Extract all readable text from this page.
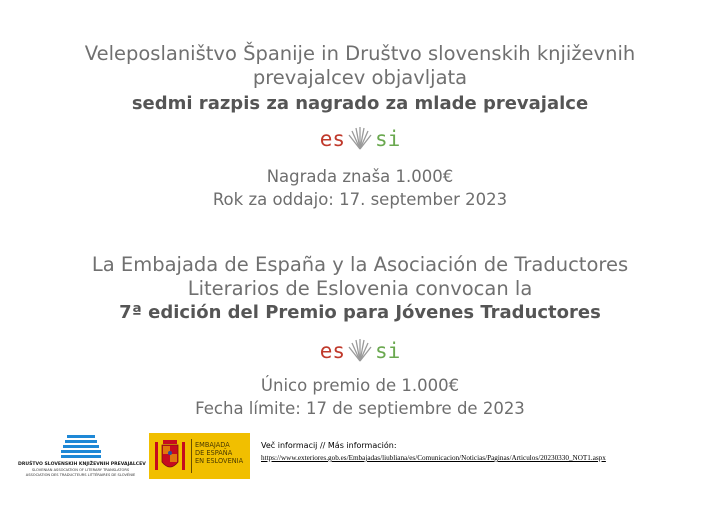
Veleposlaništvo Španije in Društvo slovenskih književnih
prevajalcev objavljata
sedmi razpis za nagrado za mlade prevajalce
es si
Nagrada znaša 1.000€
Rok za oddajo: 17. september 2023
La Embajada de España y la Asociación de Traductores
Literarios de Eslovenia convocan la
7ª edición del Premio para Jóvenes Traductores
es si
Único premio de 1.000€
Fecha límite: 17 de septiembre de 2023
DRUŠTVO SLOVENSKIH KNJIŽEVNIH PREVAJALCEV
SLOVENIAN ASSOCIATION OF LITERARY TRANSLATORS
ASSOCIATION DES TRADUCTEURS LITTÉRAIRES DE SLOVÉNIE
EMBAJADA
DE ESPAÑA
EN ESLOVENIA
Več informacij // Más información:
https://www.exteriores.gob.es/Embajadas/liubliana/es/Comunicacion/Noticias/Paginas/Articulos/20230330_NOT1.aspx
